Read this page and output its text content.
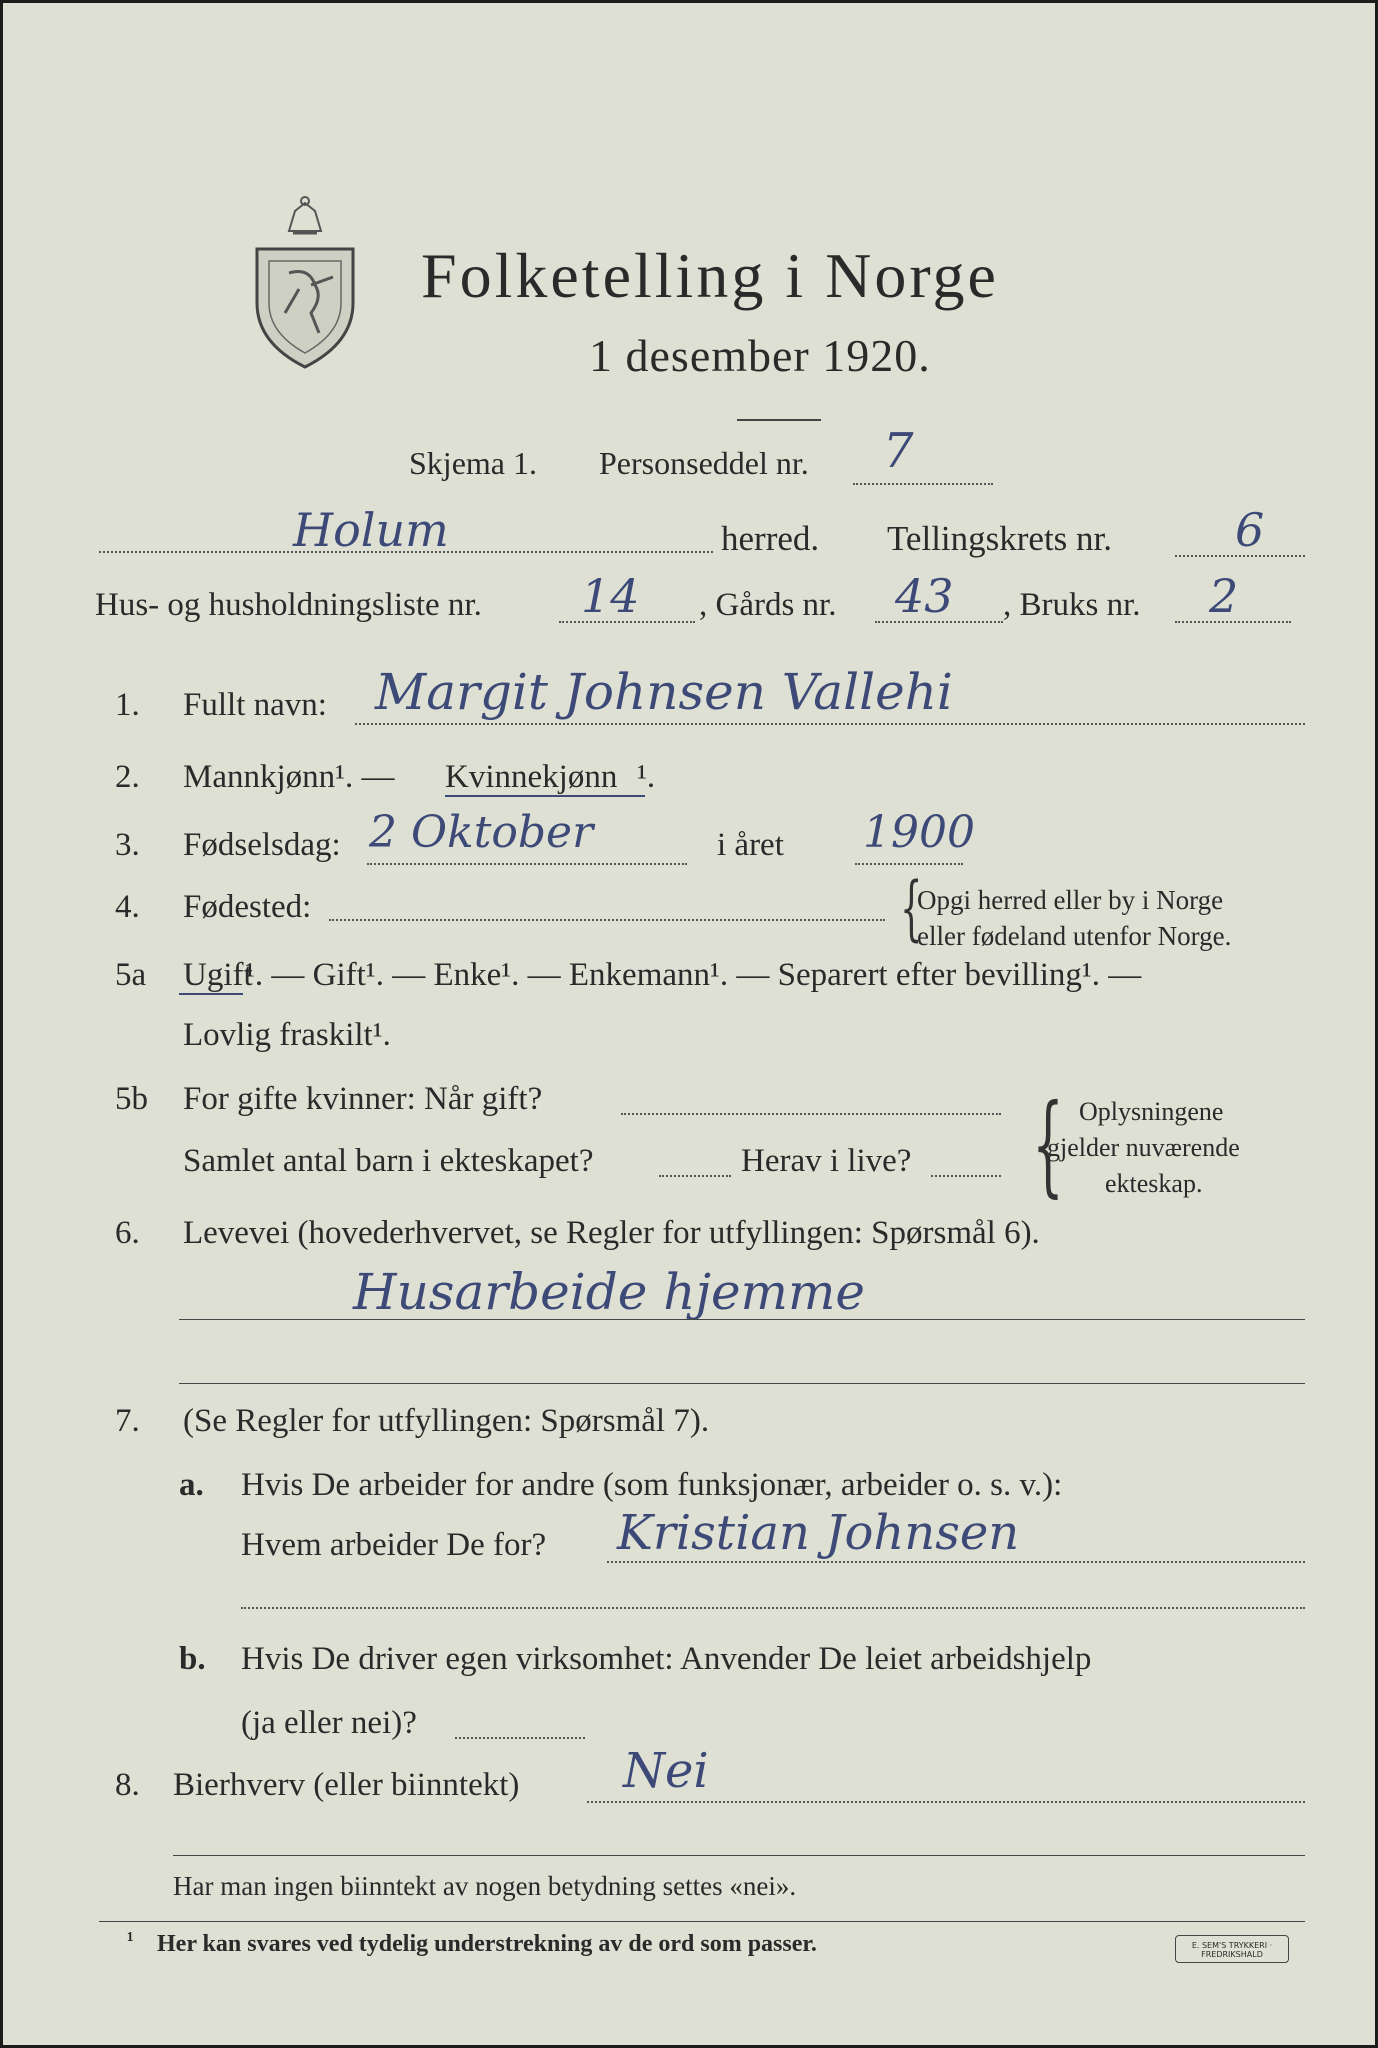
Folketelling i Norge
1 desember 1920.
Skjema 1. Personseddel nr. 7
Holum	herred. Tellingskrets nr.	6
Hus- og husholdningsliste nr. 14 , Gårds nr. 43 , Bruks nr. 2
1. Fullt navn: Margit Johnsen Vallehi
2. Mannkjønn¹. — Kvinnekjønn ¹.
3. Fødselsdag: 2 Oktober	i året 1900
4. Fødested:	{
Opgi herred eller by i Norge
eller fødeland utenfor Norge.
5a Ugift
¹. — Gift¹. — Enke¹. — Enkemann¹. — Separert efter bevilling¹. —
Lovlig fraskilt¹.
5b For gifte kvinner: Når gift?
Samlet antal barn i ekteskapet?	Herav i live? { Oplysningene
gjelder nuværende
ekteskap.
6. Levevei (hovederhvervet, se Regler for utfyllingen: Spørsmål 6).
Husarbeide hjemme
7. (Se Regler for utfyllingen: Spørsmål 7).
a. Hvis De arbeider for andre (som funksjonær, arbeider o. s. v.):
Hvem arbeider De for? Kristian Johnsen
b. Hvis De driver egen virksomhet: Anvender De leiet arbeidshjelp
(ja eller nei)?
8. Bierhverv (eller biinntekt) Nei
Har man ingen biinntekt av nogen betydning settes «nei».
¹ Her kan svares ved tydelig understrekning av de ord som passer.	E. SEM'S TRYKKERI · FREDRIKSHALD
